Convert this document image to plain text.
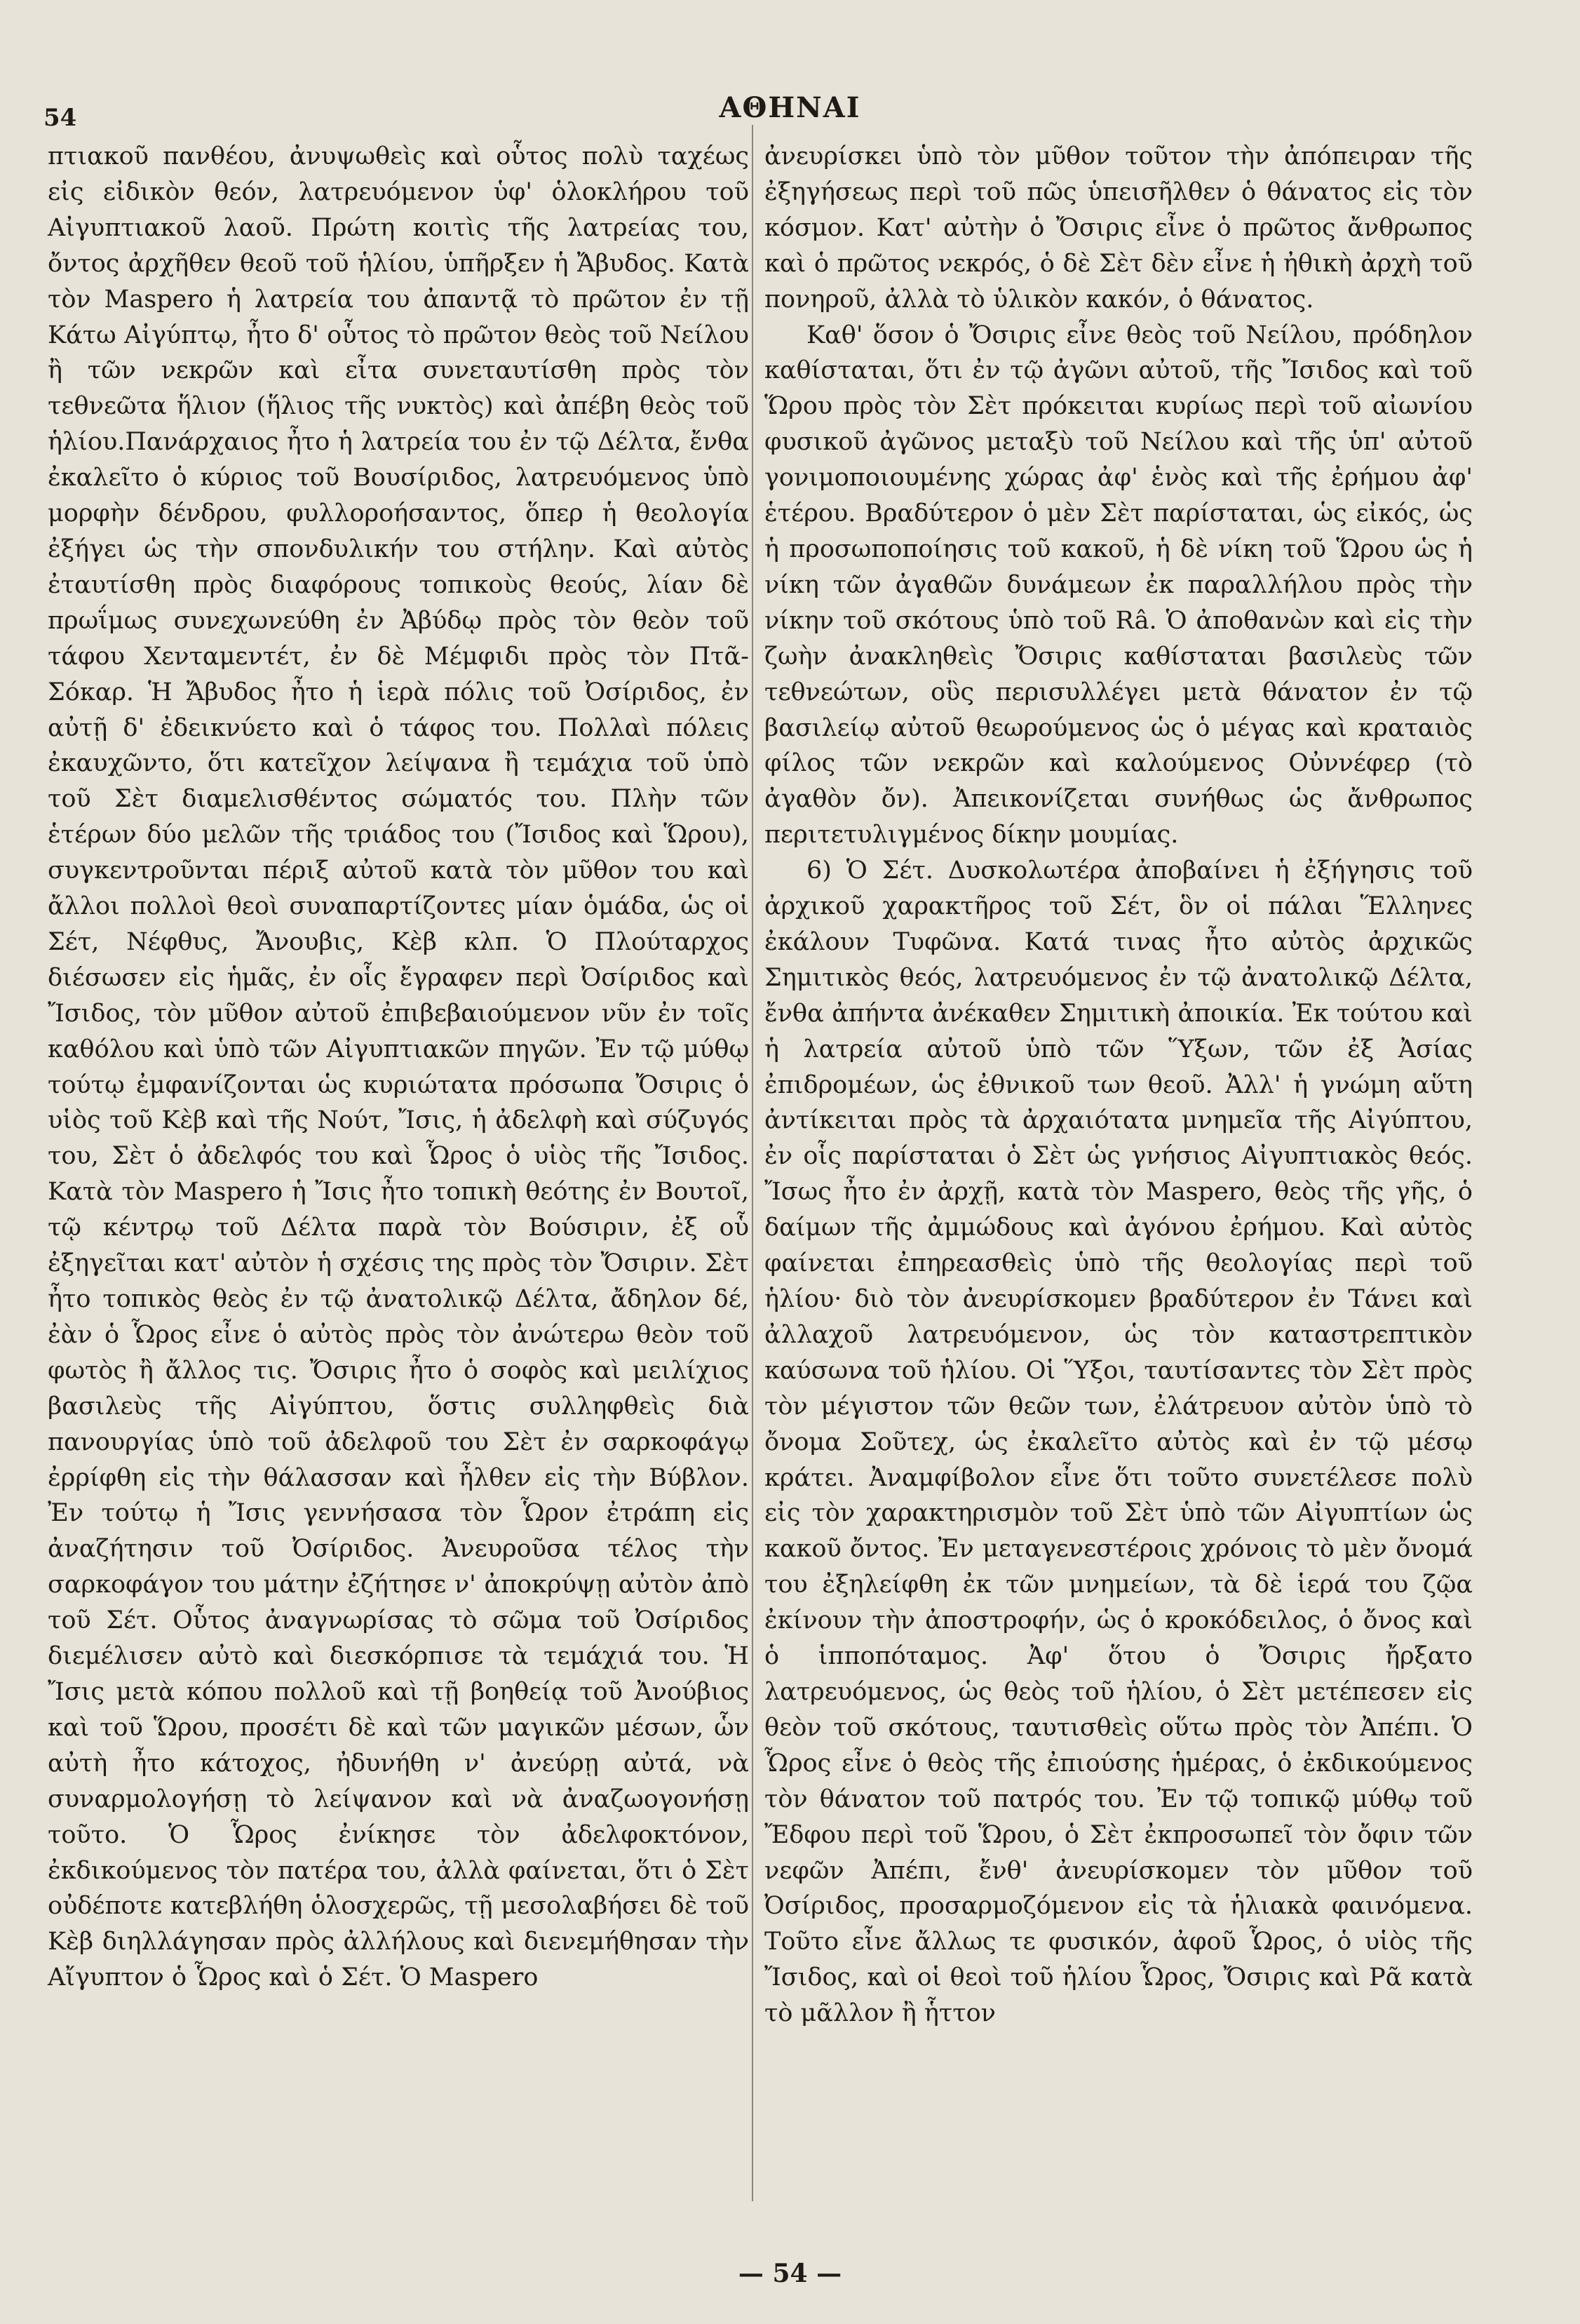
54	ΑΘΗΝΑΙ

πτιακοῦ πανθέου, ἀνυψωθεὶς καὶ οὗτος πολὺ ταχέως εἰς εἰδικὸν θεόν, λατρευόμενον ὑφ' ὁλοκλήρου τοῦ Αἰγυπτιακοῦ λαοῦ. Πρώτη κοιτὶς τῆς λατρείας του, ὄντος ἀρχῆθεν θεοῦ τοῦ ἡλίου, ὑπῆρξεν ἡ Ἄβυδος. Κατὰ τὸν Maspero ἡ λατρεία του ἀπαντᾷ τὸ πρῶτον ἐν τῇ Κάτω Αἰγύπτῳ, ἦτο δ' οὗτος τὸ πρῶτον θεὸς τοῦ Νείλου ἢ τῶν νεκρῶν καὶ εἶτα συνεταυτίσθη πρὸς τὸν τεθνεῶτα ἥλιον (ἥλιος τῆς νυκτὸς) καὶ ἀπέβη θεὸς τοῦ ἡλίου.Πανάρχαιος ἦτο ἡ λατρεία του ἐν τῷ Δέλτα, ἔνθα ἐκαλεῖτο ὁ κύριος τοῦ Βουσίριδος, λατρευόμενος ὑπὸ μορφὴν δένδρου, φυλλοροήσαντος, ὅπερ ἡ θεολογία ἐξήγει ὡς τὴν σπονδυλικήν του στήλην. Καὶ αὐτὸς ἐταυτίσθη πρὸς διαφόρους τοπικοὺς θεούς, λίαν δὲ πρωΐμως συνεχωνεύθη ἐν Ἀβύδῳ πρὸς τὸν θεὸν τοῦ τάφου Χενταμεντέτ, ἐν δὲ Μέμφιδι πρὸς τὸν Πτᾶ-Σόκαρ. Ἡ Ἄβυδος ἦτο ἡ ἱερὰ πόλις τοῦ Ὀσίριδος, ἐν αὐτῇ δ' ἐδεικνύετο καὶ ὁ τάφος του. Πολλαὶ πόλεις ἐκαυχῶντο, ὅτι κατεῖχον λείψανα ἢ τεμάχια τοῦ ὑπὸ τοῦ Σὲτ διαμελισθέντος σώματός του. Πλὴν τῶν ἑτέρων δύο μελῶν τῆς τριάδος του (Ἴσιδος καὶ Ὥρου), συγκεντροῦνται πέριξ αὐτοῦ κατὰ τὸν μῦθον του καὶ ἄλλοι πολλοὶ θεοὶ συναπαρτίζοντες μίαν ὁμάδα, ὡς οἱ Σέτ, Νέφθυς, Ἄνουβις, Κὲβ κλπ. Ὁ Πλούταρχος διέσωσεν εἰς ἡμᾶς, ἐν οἷς ἔγραφεν περὶ Ὀσίριδος καὶ Ἴσιδος, τὸν μῦθον αὐτοῦ ἐπιβεβαιούμενον νῦν ἐν τοῖς καθόλου καὶ ὑπὸ τῶν Αἰγυπτιακῶν πηγῶν. Ἐν τῷ μύθῳ τούτῳ ἐμφανίζονται ὡς κυριώτατα πρόσωπα Ὄσιρις ὁ υἱὸς τοῦ Κὲβ καὶ τῆς Νούτ, Ἴσις, ἡ ἀδελφὴ καὶ σύζυγός του, Σὲτ ὁ ἀδελφός του καὶ Ὧρος ὁ υἱὸς τῆς Ἴσιδος. Κατὰ τὸν Maspero ἡ Ἴσις ἦτο τοπικὴ θεότης ἐν Βουτοῖ, τῷ κέντρῳ τοῦ Δέλτα παρὰ τὸν Βούσιριν, ἐξ οὗ ἐξηγεῖται κατ' αὐτὸν ἡ σχέσις της πρὸς τὸν Ὄσιριν. Σὲτ ἦτο τοπικὸς θεὸς ἐν τῷ ἀνατολικῷ Δέλτα, ἄδηλον δέ, ἐὰν ὁ Ὧρος εἶνε ὁ αὐτὸς πρὸς τὸν ἀνώτερω θεὸν τοῦ φωτὸς ἢ ἄλλος τις. Ὄσιρις ἦτο ὁ σοφὸς καὶ μειλίχιος βασιλεὺς τῆς Αἰγύπτου, ὅστις συλληφθεὶς διὰ πανουργίας ὑπὸ τοῦ ἀδελφοῦ του Σὲτ ἐν σαρκοφάγῳ ἐρρίφθη εἰς τὴν θάλασσαν καὶ ἦλθεν εἰς τὴν Βύβλον. Ἐν τούτῳ ἡ Ἴσις γεννήσασα τὸν Ὧρον ἐτράπη εἰς ἀναζήτησιν τοῦ Ὀσίριδος. Ἀνευροῦσα τέλος τὴν σαρκοφάγον του μάτην ἐζήτησε ν' ἀποκρύψῃ αὐτὸν ἀπὸ τοῦ Σέτ. Οὗτος ἀναγνωρίσας τὸ σῶμα τοῦ Ὀσίριδος διεμέλισεν αὐτὸ καὶ διεσκόρπισε τὰ τεμάχιά του. Ἡ Ἴσις μετὰ κόπου πολλοῦ καὶ τῇ βοηθείᾳ τοῦ Ἀνούβιος καὶ τοῦ Ὥρου, προσέτι δὲ καὶ τῶν μαγικῶν μέσων, ὧν αὐτὴ ἦτο κάτοχος, ἠδυνήθη ν' ἀνεύρῃ αὐτά, νὰ συναρμολογήσῃ τὸ λείψανον καὶ νὰ ἀναζωογονήσῃ τοῦτο. Ὁ Ὧρος ἐνίκησε τὸν ἀδελφοκτόνον, ἐκδικούμενος τὸν πατέρα του, ἀλλὰ φαίνεται, ὅτι ὁ Σὲτ οὐδέποτε κατεβλήθη ὁλοσχερῶς, τῇ μεσολαβήσει δὲ τοῦ Κὲβ διηλλάγησαν πρὸς ἀλλήλους καὶ διενεμήθησαν τὴν Αἴγυπτον ὁ Ὧρος καὶ ὁ Σέτ. Ὁ Maspero

ἀνευρίσκει ὑπὸ τὸν μῦθον τοῦτον τὴν ἀπόπειραν τῆς ἐξηγήσεως περὶ τοῦ πῶς ὑπεισῆλθεν ὁ θάνατος εἰς τὸν κόσμον. Κατ' αὐτὴν ὁ Ὄσιρις εἶνε ὁ πρῶτος ἄνθρωπος καὶ ὁ πρῶτος νεκρός, ὁ δὲ Σὲτ δὲν εἶνε ἡ ἠθικὴ ἀρχὴ τοῦ πονηροῦ, ἀλλὰ τὸ ὑλικὸν κακόν, ὁ θάνατος.

Καθ' ὅσον ὁ Ὄσιρις εἶνε θεὸς τοῦ Νείλου, πρόδηλον καθίσταται, ὅτι ἐν τῷ ἀγῶνι αὐτοῦ, τῆς Ἴσιδος καὶ τοῦ Ὥρου πρὸς τὸν Σὲτ πρόκειται κυρίως περὶ τοῦ αἰωνίου φυσικοῦ ἀγῶνος μεταξὺ τοῦ Νείλου καὶ τῆς ὑπ' αὐτοῦ γονιμοποιουμένης χώρας ἀφ' ἑνὸς καὶ τῆς ἐρήμου ἀφ' ἑτέρου. Βραδύτερον ὁ μὲν Σὲτ παρίσταται, ὡς εἰκός, ὡς ἡ προσωποποίησις τοῦ κακοῦ, ἡ δὲ νίκη τοῦ Ὥρου ὡς ἡ νίκη τῶν ἀγαθῶν δυνάμεων ἐκ παραλλήλου πρὸς τὴν νίκην τοῦ σκότους ὑπὸ τοῦ Râ. Ὁ ἀποθανὼν καὶ εἰς τὴν ζωὴν ἀνακληθεὶς Ὄσιρις καθίσταται βασιλεὺς τῶν τεθνεώτων, οὓς περισυλλέγει μετὰ θάνατον ἐν τῷ βασιλείῳ αὐτοῦ θεωρούμενος ὡς ὁ μέγας καὶ κραταιὸς φίλος τῶν νεκρῶν καὶ καλούμενος Οὐννέφερ (τὸ ἀγαθὸν ὄν). Ἀπεικονίζεται συνήθως ὡς ἄνθρωπος περιτετυλιγμένος δίκην μουμίας.

6) Ὁ Σέτ. Δυσκολωτέρα ἀποβαίνει ἡ ἐξήγησις τοῦ ἀρχικοῦ χαρακτῆρος τοῦ Σέτ, ὃν οἱ πάλαι Ἕλληνες ἐκάλουν Τυφῶνα. Κατά τινας ἦτο αὐτὸς ἀρχικῶς Σημιτικὸς θεός, λατρευόμενος ἐν τῷ ἀνατολικῷ Δέλτα, ἔνθα ἀπήντα ἀνέκαθεν Σημιτικὴ ἀποικία. Ἐκ τούτου καὶ ἡ λατρεία αὐτοῦ ὑπὸ τῶν Ὕξων, τῶν ἐξ Ἀσίας ἐπιδρομέων, ὡς ἐθνικοῦ των θεοῦ. Ἀλλ' ἡ γνώμη αὕτη ἀντίκειται πρὸς τὰ ἀρχαιότατα μνημεῖα τῆς Αἰγύπτου, ἐν οἷς παρίσταται ὁ Σὲτ ὡς γνήσιος Αἰγυπτιακὸς θεός. Ἴσως ἦτο ἐν ἀρχῇ, κατὰ τὸν Maspero, θεὸς τῆς γῆς, ὁ δαίμων τῆς ἀμμώδους καὶ ἀγόνου ἐρήμου. Καὶ αὐτὸς φαίνεται ἐπηρεασθεὶς ὑπὸ τῆς θεολογίας περὶ τοῦ ἡλίου· διὸ τὸν ἀνευρίσκομεν βραδύτερον ἐν Τάνει καὶ ἀλλαχοῦ λατρευόμενον, ὡς τὸν καταστρεπτικὸν καύσωνα τοῦ ἡλίου. Οἱ Ὕξοι, ταυτίσαντες τὸν Σὲτ πρὸς τὸν μέγιστον τῶν θεῶν των, ἐλάτρευον αὐτὸν ὑπὸ τὸ ὄνομα Σοῦτεχ, ὡς ἐκαλεῖτο αὐτὸς καὶ ἐν τῷ μέσῳ κράτει. Ἀναμφίβολον εἶνε ὅτι τοῦτο συνετέλεσε πολὺ εἰς τὸν χαρακτηρισμὸν τοῦ Σὲτ ὑπὸ τῶν Αἰγυπτίων ὡς κακοῦ ὄντος. Ἐν μεταγενεστέροις χρόνοις τὸ μὲν ὄνομά του ἐξηλείφθη ἐκ τῶν μνημείων, τὰ δὲ ἱερά του ζῷα ἐκίνουν τὴν ἀποστροφήν, ὡς ὁ κροκόδειλος, ὁ ὄνος καὶ ὁ ἱπποπόταμος. Ἀφ' ὅτου ὁ Ὄσιρις ἤρξατο λατρευόμενος, ὡς θεὸς τοῦ ἡλίου, ὁ Σὲτ μετέπεσεν εἰς θεὸν τοῦ σκότους, ταυτισθεὶς οὕτω πρὸς τὸν Ἀπέπι. Ὁ Ὧρος εἶνε ὁ θεὸς τῆς ἐπιούσης ἡμέρας, ὁ ἐκδικούμενος τὸν θάνατον τοῦ πατρός του. Ἐν τῷ τοπικῷ μύθῳ τοῦ Ἔδφου περὶ τοῦ Ὥρου, ὁ Σὲτ ἐκπροσωπεῖ τὸν ὄφιν τῶν νεφῶν Ἀπέπι, ἔνθ' ἀνευρίσκομεν τὸν μῦθον τοῦ Ὀσίριδος, προσαρμοζόμενον εἰς τὰ ἡλιακὰ φαινόμενα. Τοῦτο εἶνε ἄλλως τε φυσικόν, ἀφοῦ Ὧρος, ὁ υἱὸς τῆς Ἴσιδος, καὶ οἱ θεοὶ τοῦ ἡλίου Ὧρος, Ὄσιρις καὶ Ρᾶ κατὰ τὸ μᾶλλον ἢ ἧττον

— 54 —
